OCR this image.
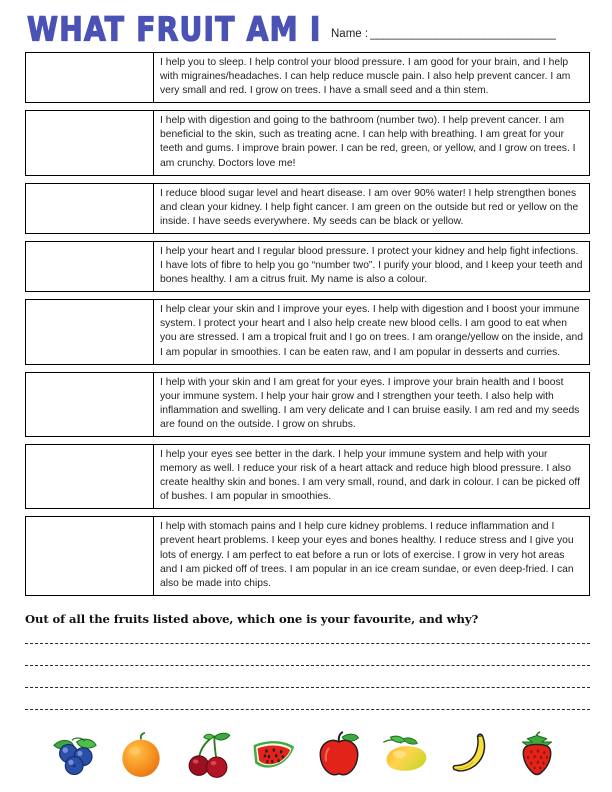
WHAT FRUIT AM I Name : _______________________________
I help you to sleep. I help control your blood pressure. I am good for your brain, and I help with migraines/headaches. I can help reduce muscle pain. I also help prevent cancer. I am very small and red. I grow on trees. I have a small seed and a thin stem.
I help with digestion and going to the bathroom (number two). I help prevent cancer. I am beneficial to the skin, such as treating acne. I can help with breathing. I am great for your teeth and gums. I improve brain power. I can be red, green, or yellow, and I grow on trees. I am crunchy. Doctors love me!
I reduce blood sugar level and heart disease. I am over 90% water! I help strengthen bones and clean your kidney. I help fight cancer. I am green on the outside but red or yellow on the inside. I have seeds everywhere. My seeds can be black or yellow.
I help your heart and I regular blood pressure. I protect your kidney and help fight infections. I have lots of fibre to help you go “number two”. I purify your blood, and I keep your teeth and bones healthy. I am a citrus fruit. My name is also a colour.
I help clear your skin and I improve your eyes. I help with digestion and I boost your immune system. I protect your heart and I also help create new blood cells. I am good to eat when you are stressed. I am a tropical fruit and I go on trees. I am orange/yellow on the inside, and I am popular in smoothies. I can be eaten raw, and I am popular in desserts and curries.
I help with your skin and I am great for your eyes. I improve your brain health and I boost your immune system. I help your hair grow and I strengthen your teeth. I also help with inflammation and swelling. I am very delicate and I can bruise easily. I am red and my seeds are found on the outside. I grow on shrubs.
I help your eyes see better in the dark. I help your immune system and help with your memory as well. I reduce your risk of a heart attack and reduce high blood pressure. I also create healthy skin and bones. I am very small, round, and dark in colour. I can be picked off of bushes. I am popular in smoothies.
I help with stomach pains and I help cure kidney problems. I reduce inflammation and I prevent heart problems. I keep your eyes and bones healthy. I reduce stress and I give you lots of energy. I am perfect to eat before a run or lots of exercise. I grow in very hot areas and I am picked off of trees. I am popular in an ice cream sundae, or even deep-fried. I can also be made into chips.

Out of all the fruits listed above, which one is your favourite, and why?
